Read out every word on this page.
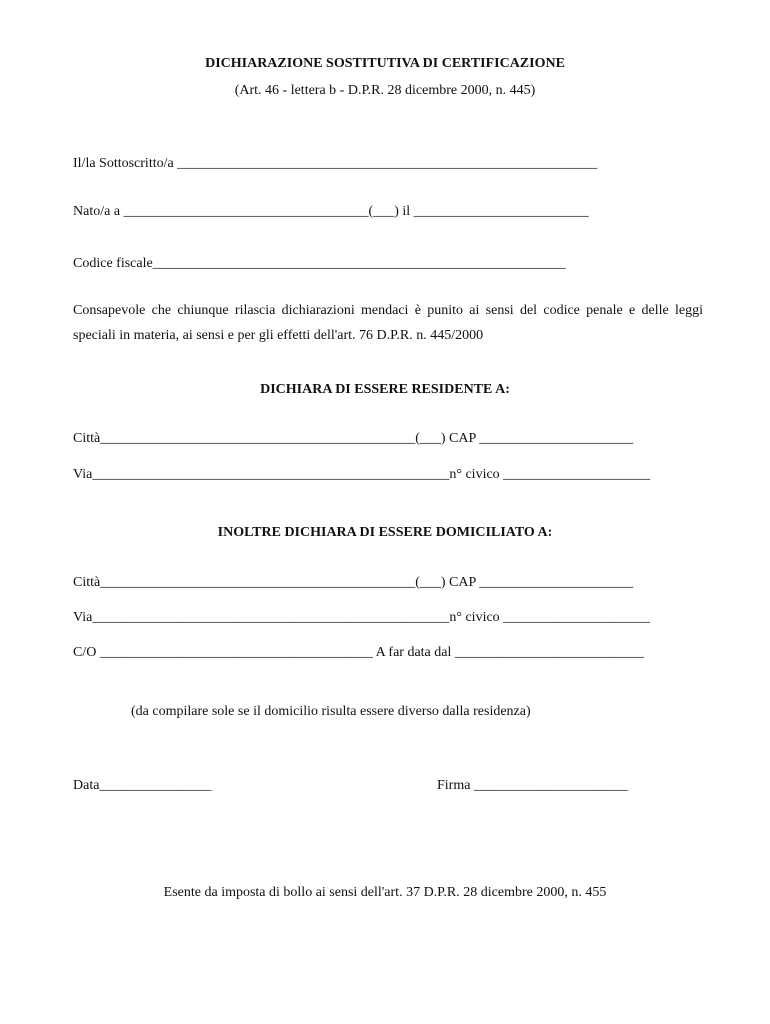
DICHIARAZIONE SOSTITUTIVA DI CERTIFICAZIONE
(Art. 46 - lettera b - D.P.R. 28 dicembre 2000, n. 445)
Il/la Sottoscritto/a ____________________________________________________________
Nato/a a ___________________________________(___) il _________________________
Codice fiscale___________________________________________________________
Consapevole che chiunque rilascia dichiarazioni mendaci è punito ai sensi del codice penale e delle leggi speciali in materia, ai sensi e per gli effetti dell'art. 76 D.P.R. n. 445/2000
DICHIARA DI ESSERE RESIDENTE A:
Città_____________________________________________(___) CAP ______________________
Via___________________________________________________n° civico _____________________
INOLTRE DICHIARA DI ESSERE DOMICILIATO A:
Città_____________________________________________(___) CAP ______________________
Via___________________________________________________n° civico _____________________
C/O _______________________________________ A far data dal ___________________________
(da compilare sole se il domicilio risulta essere diverso dalla residenza)
Data________________	Firma ______________________
Esente da imposta di bollo ai sensi dell'art. 37 D.P.R. 28 dicembre 2000, n. 455
